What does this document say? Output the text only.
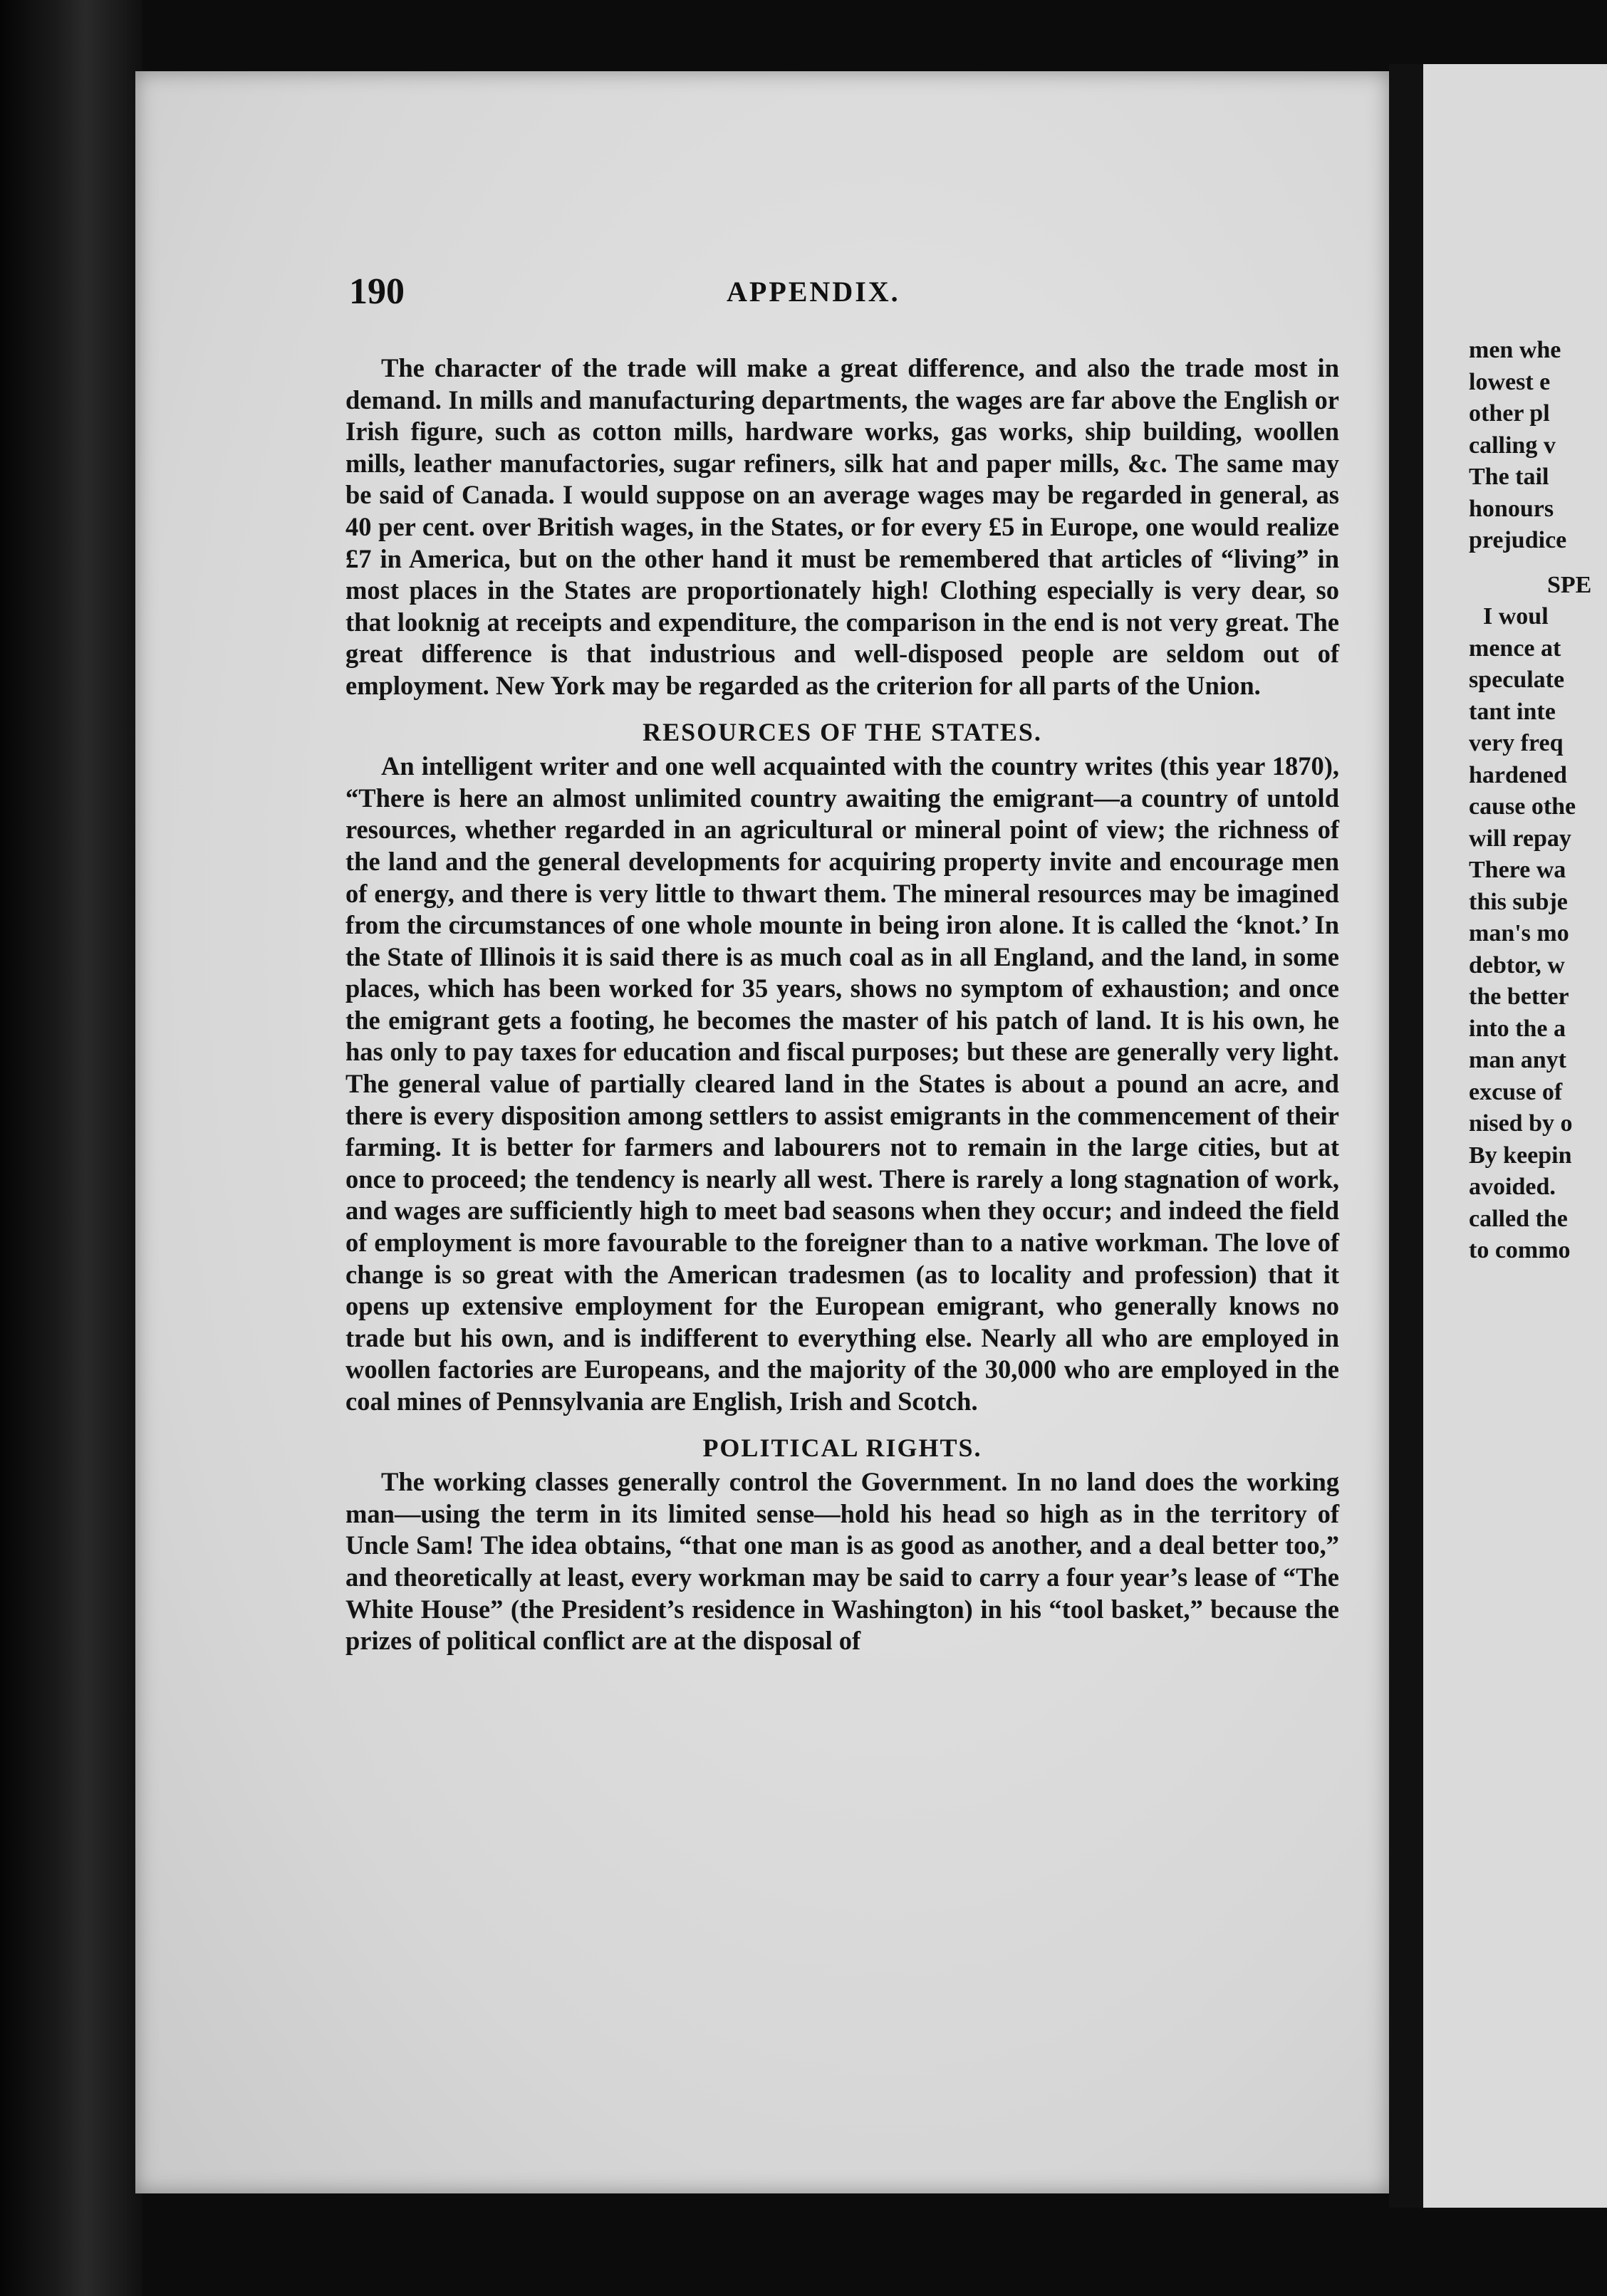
190	APPENDIX.

The character of the trade will make a great difference, and also the trade most in demand. In mills and manufacturing departments, the wages are far above the English or Irish figure, such as cotton mills, hardware works, gas works, ship building, woollen mills, leather manufactories, sugar refiners, silk hat and paper mills, &c. The same may be said of Canada. I would suppose on an average wages may be regarded in general, as 40 per cent. over British wages, in the States, or for every £5 in Europe, one would realize £7 in America, but on the other hand it must be remembered that articles of “living” in most places in the States are proportionately high! Clothing especially is very dear, so that looknig at receipts and expenditure, the comparison in the end is not very great. The great difference is that industrious and well-disposed people are seldom out of employment. New York may be regarded as the criterion for all parts of the Union.

RESOURCES OF THE STATES.

An intelligent writer and one well acquainted with the country writes (this year 1870), “There is here an almost unlimited country awaiting the emigrant—a country of untold resources, whether regarded in an agricultural or mineral point of view; the richness of the land and the general developments for acquiring property invite and encourage men of energy, and there is very little to thwart them. The mineral resources may be imagined from the circumstances of one whole mounte in being iron alone. It is called the ‘knot.’ In the State of Illinois it is said there is as much coal as in all England, and the land, in some places, which has been worked for 35 years, shows no symptom of exhaustion; and once the emigrant gets a footing, he becomes the master of his patch of land. It is his own, he has only to pay taxes for education and fiscal purposes; but these are generally very light. The general value of partially cleared land in the States is about a pound an acre, and there is every disposition among settlers to assist emigrants in the commencement of their farming. It is better for farmers and labourers not to remain in the large cities, but at once to proceed; the tendency is nearly all west. There is rarely a long stagnation of work, and wages are sufficiently high to meet bad seasons when they occur; and indeed the field of employment is more favourable to the foreigner than to a native workman. The love of change is so great with the American tradesmen (as to locality and profession) that it opens up extensive employment for the European emigrant, who generally knows no trade but his own, and is indifferent to everything else. Nearly all who are employed in woollen factories are Europeans, and the majority of the 30,000 who are employed in the coal mines of Pennsylvania are English, Irish and Scotch.

POLITICAL RIGHTS.

The working classes generally control the Government. In no land does the working man—using the term in its limited sense—hold his head so high as in the territory of Uncle Sam! The idea obtains, “that one man is as good as another, and a deal better too,” and theoretically at least, every workman may be said to carry a four year’s lease of “The White House” (the President’s residence in Washington) in his “tool basket,” because the prizes of political conflict are at the disposal of

men whe
lowest e
other pl
calling v
The tail
honours
prejudice
SPE
I woul
mence at
speculate
tant inte
very freq
hardened
cause othe
will repay
There wa
this subje
man's mo
debtor, w
the better
into the a
man anyt
excuse of
nised by o
By keepin
avoided.
called the
to commo
